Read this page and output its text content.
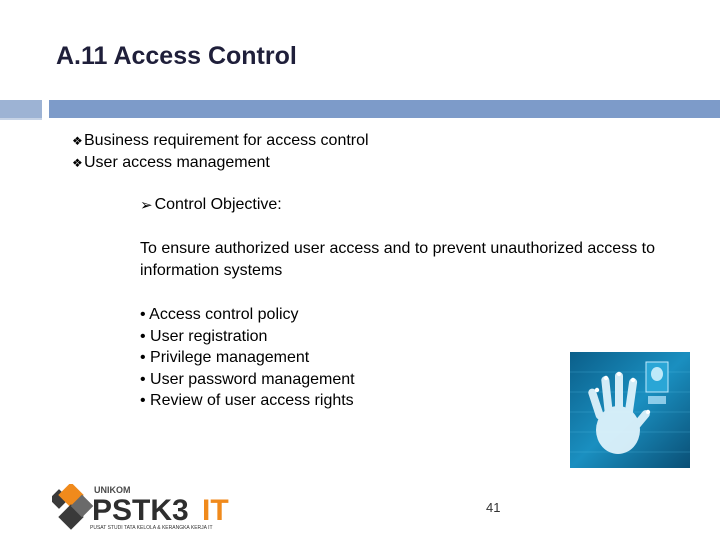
A.11 Access Control
❖ Business requirement for access control
❖ User access management
➢ Control Objective:
To ensure authorized user access and to prevent unauthorized access to information systems
• Access control policy
• User registration
• Privilege management
• User password management
• Review of user access rights
UNIKOM
PSTK3 IT
PUSAT STUDI TATA KELOLA & KERANGKA KERJA IT
41
